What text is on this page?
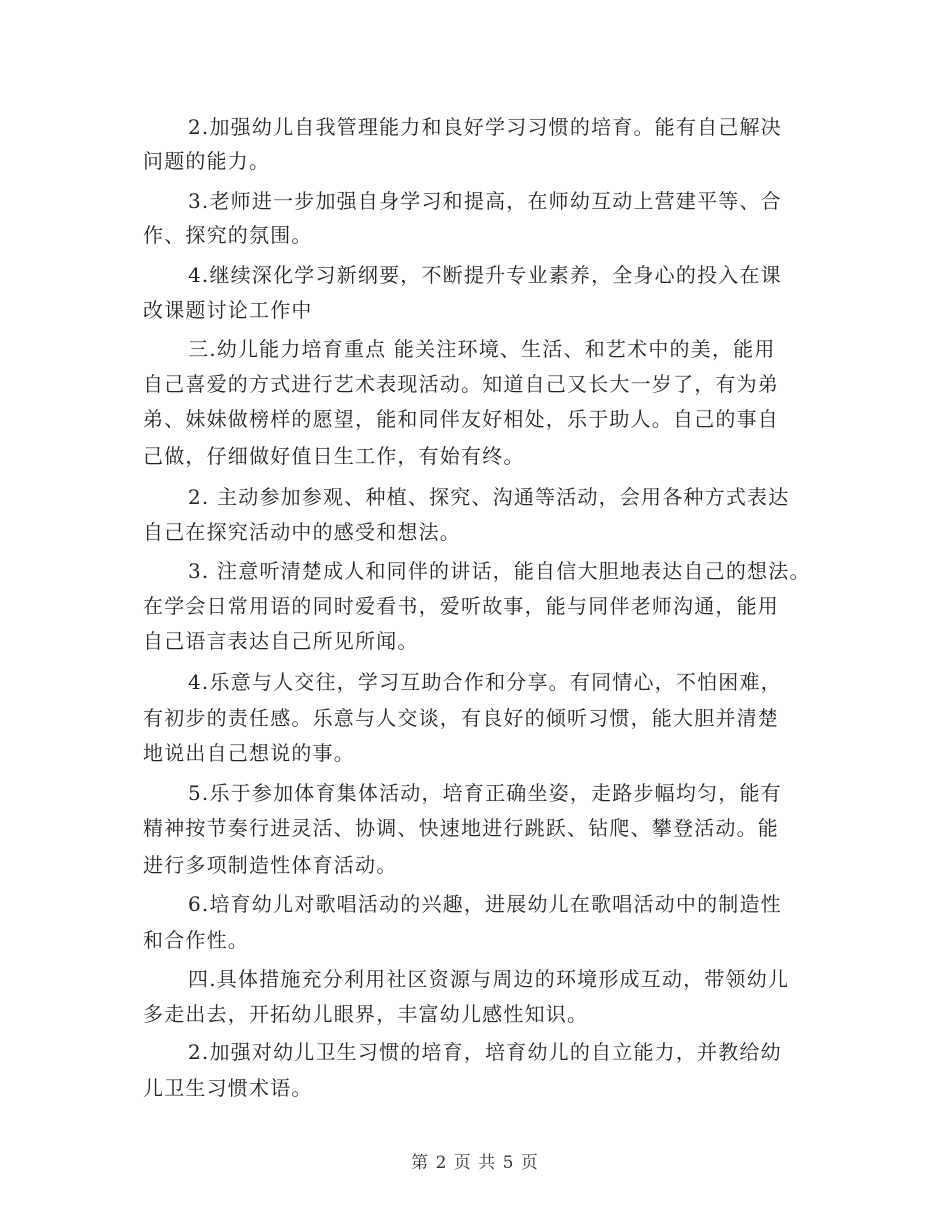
2.加强幼儿自我管理能力和良好学习习惯的培育。能有自己解决
问题的能力。
3.老师进一步加强自身学习和提高，在师幼互动上营建平等、合
作、探究的氛围。
4.继续深化学习新纲要，不断提升专业素养，全身心的投入在课
改课题讨论工作中
三.幼儿能力培育重点 能关注环境、生活、和艺术中的美，能用
自己喜爱的方式进行艺术表现活动。知道自己又长大一岁了，有为弟
弟、妹妹做榜样的愿望，能和同伴友好相处，乐于助人。自己的事自
己做，仔细做好值日生工作，有始有终。
2. 主动参加参观、种植、探究、沟通等活动，会用各种方式表达
自己在探究活动中的感受和想法。
3. 注意听清楚成人和同伴的讲话，能自信大胆地表达自己的想法。
在学会日常用语的同时爱看书，爱听故事，能与同伴老师沟通，能用
自己语言表达自己所见所闻。
4.乐意与人交往，学习互助合作和分享。有同情心，不怕困难，
有初步的责任感。乐意与人交谈，有良好的倾听习惯，能大胆并清楚
地说出自己想说的事。
5.乐于参加体育集体活动，培育正确坐姿，走路步幅均匀，能有
精神按节奏行进灵活、协调、快速地进行跳跃、钻爬、攀登活动。能
进行多项制造性体育活动。
6.培育幼儿对歌唱活动的兴趣，进展幼儿在歌唱活动中的制造性
和合作性。
四.具体措施充分利用社区资源与周边的环境形成互动，带领幼儿
多走出去，开拓幼儿眼界，丰富幼儿感性知识。
2.加强对幼儿卫生习惯的培育，培育幼儿的自立能力，并教给幼
儿卫生习惯术语。
第 2 页 共 5 页
